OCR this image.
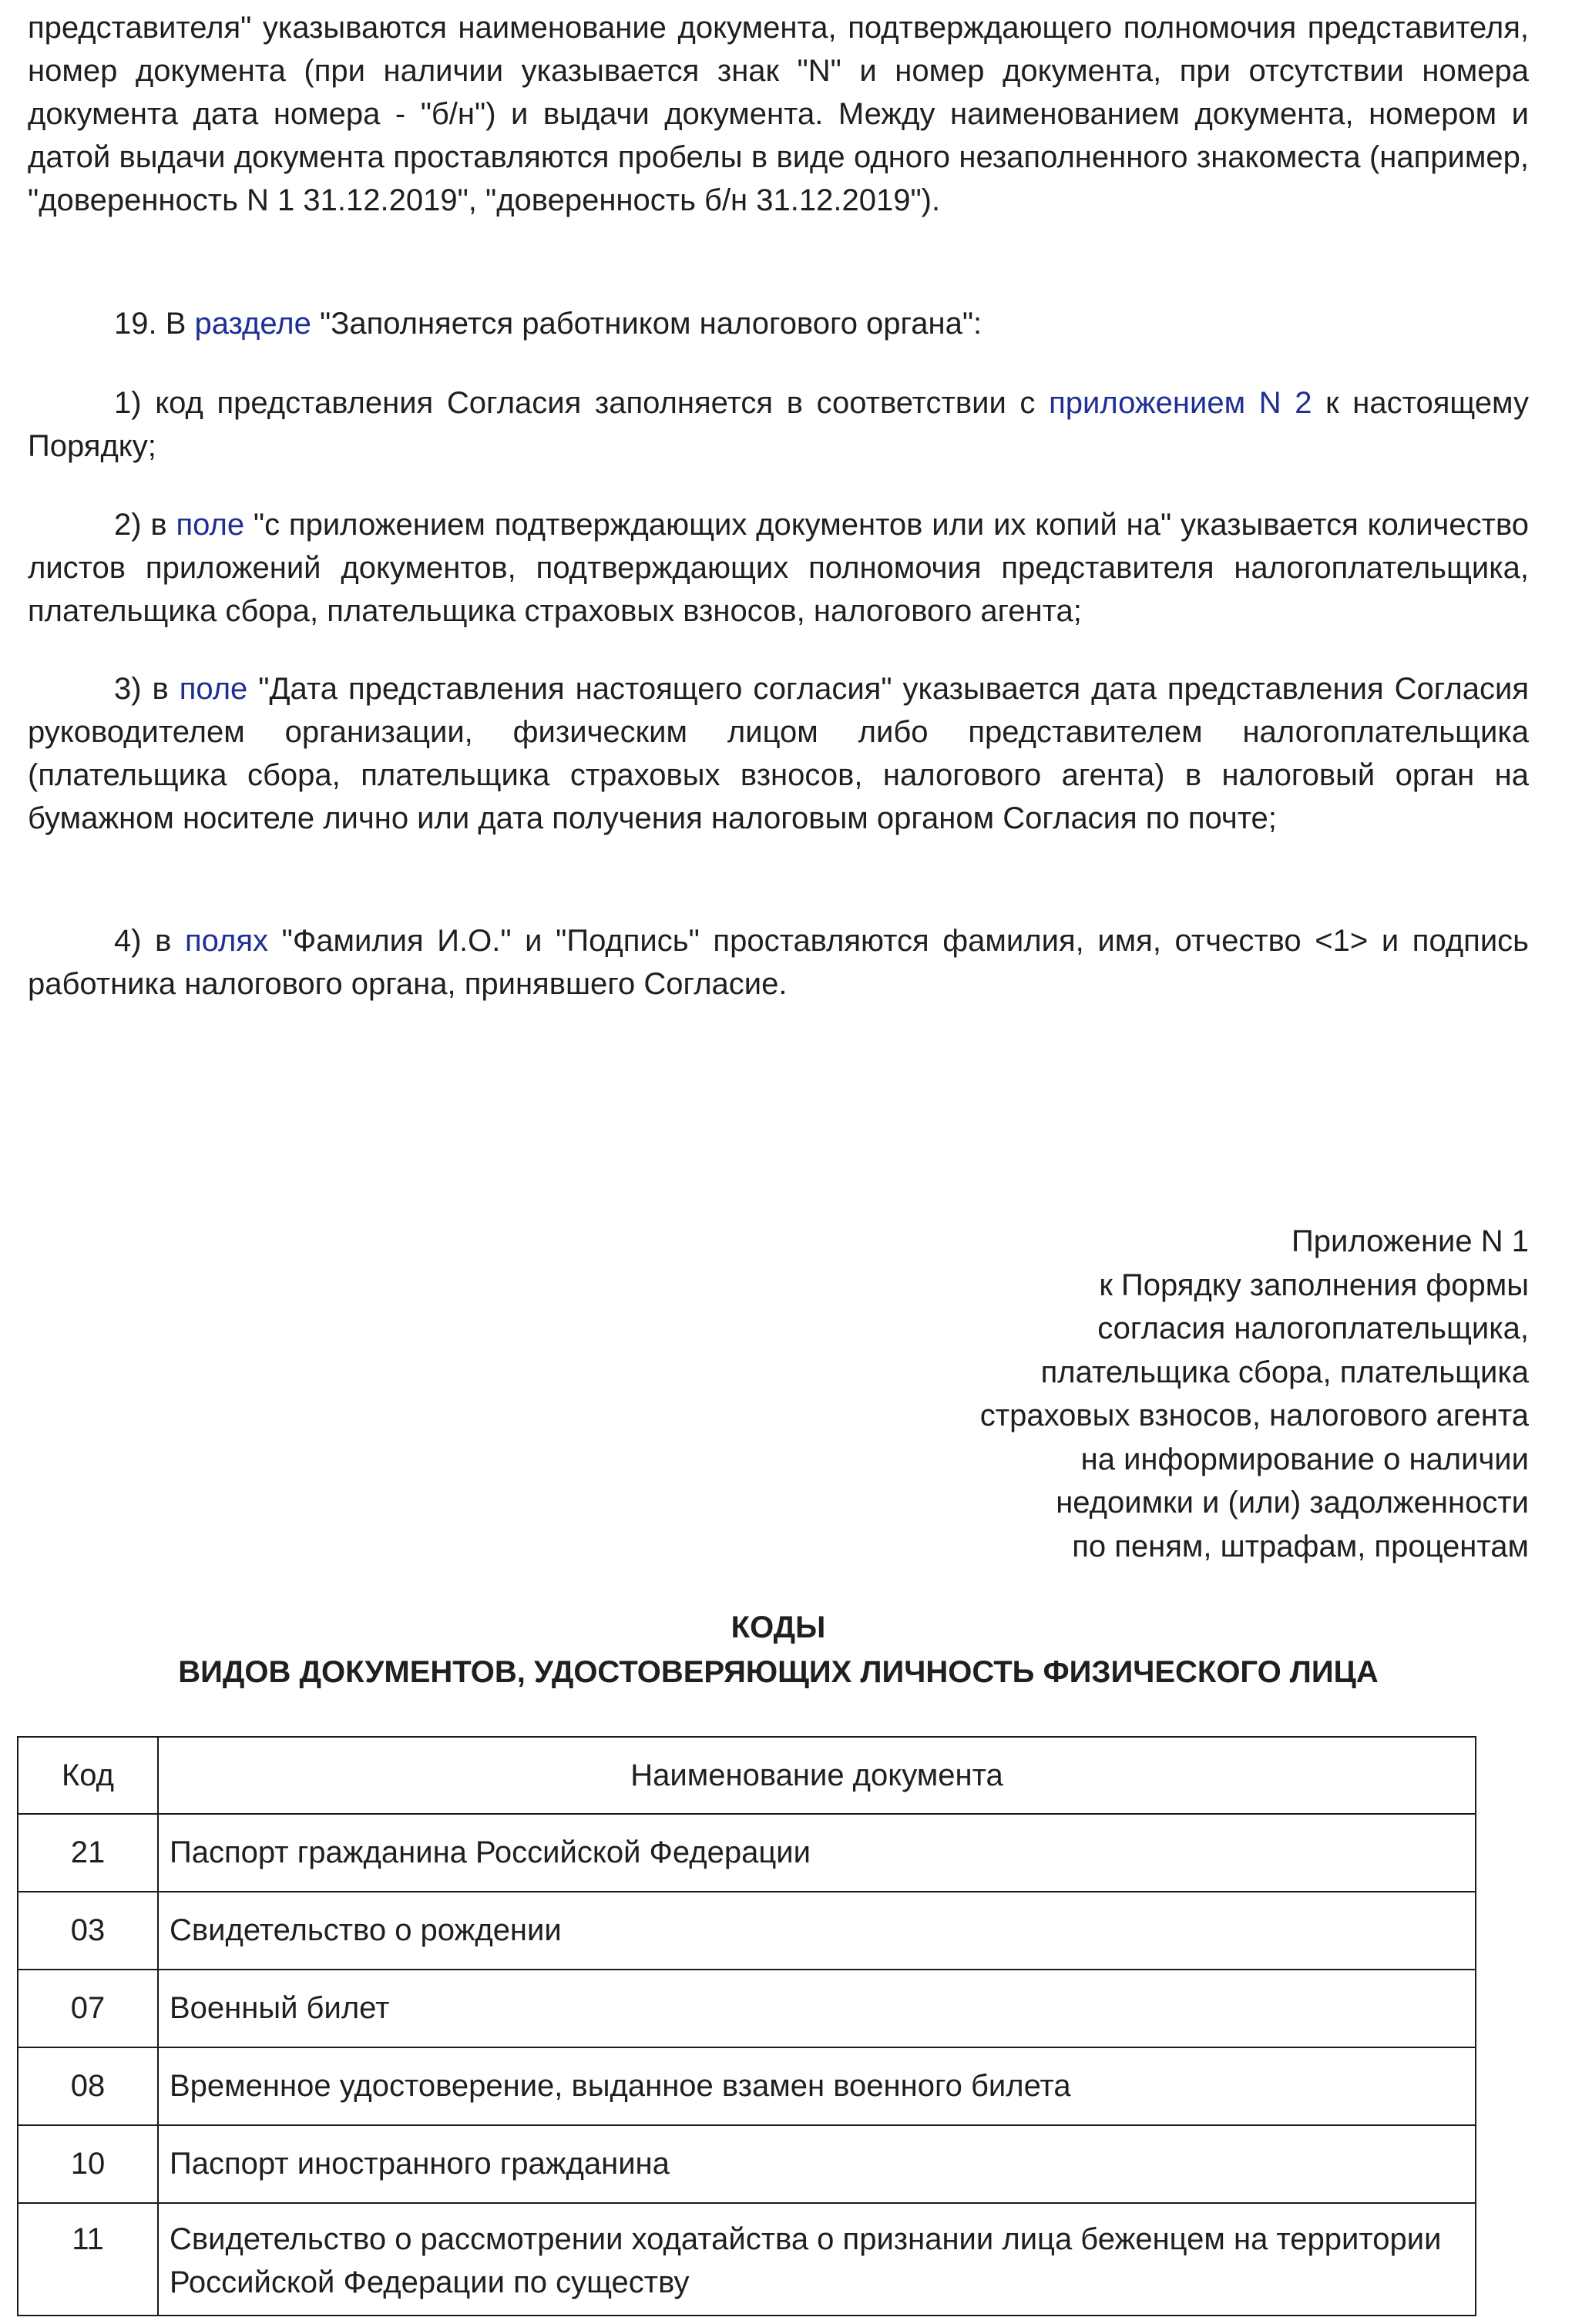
представителя" указываются наименование документа, подтверждающего полномочия представителя, номер документа (при наличии указывается знак "N" и номер документа, при отсутствии номера документа дата номера - "б/н") и выдачи документа. Между наименованием документа, номером и датой выдачи документа проставляются пробелы в виде одного незаполненного знакоместа (например, "доверенность N 1 31.12.2019", "доверенность б/н 31.12.2019").

19. В разделе "Заполняется работником налогового органа":

1) код представления Согласия заполняется в соответствии с приложением N 2 к настоящему Порядку;

2) в поле "с приложением подтверждающих документов или их копий на" указывается количество листов приложений документов, подтверждающих полномочия представителя налогоплательщика, плательщика сбора, плательщика страховых взносов, налогового агента;

3) в поле "Дата представления настоящего согласия" указывается дата представления Согласия руководителем организации, физическим лицом либо представителем налогоплательщика (плательщика сбора, плательщика страховых взносов, налогового агента) в налоговый орган на бумажном носителе лично или дата получения налоговым органом Согласия по почте;

4) в полях "Фамилия И.О." и "Подпись" проставляются фамилия, имя, отчество <1> и подпись работника налогового органа, принявшего Согласие.

Приложение N 1
к Порядку заполнения формы
согласия налогоплательщика,
плательщика сбора, плательщика
страховых взносов, налогового агента
на информирование о наличии
недоимки и (или) задолженности
по пеням, штрафам, процентам
КОДЫ
ВИДОВ ДОКУМЕНТОВ, УДОСТОВЕРЯЮЩИХ ЛИЧНОСТЬ ФИЗИЧЕСКОГО ЛИЦА
Код	Наименование документа
21	Паспорт гражданина Российской Федерации
03	Свидетельство о рождении
07	Военный билет
08	Временное удостоверение, выданное взамен военного билета
10	Паспорт иностранного гражданина
11	Свидетельство о рассмотрении ходатайства о признании лица беженцем на территории Российской Федерации по существу
